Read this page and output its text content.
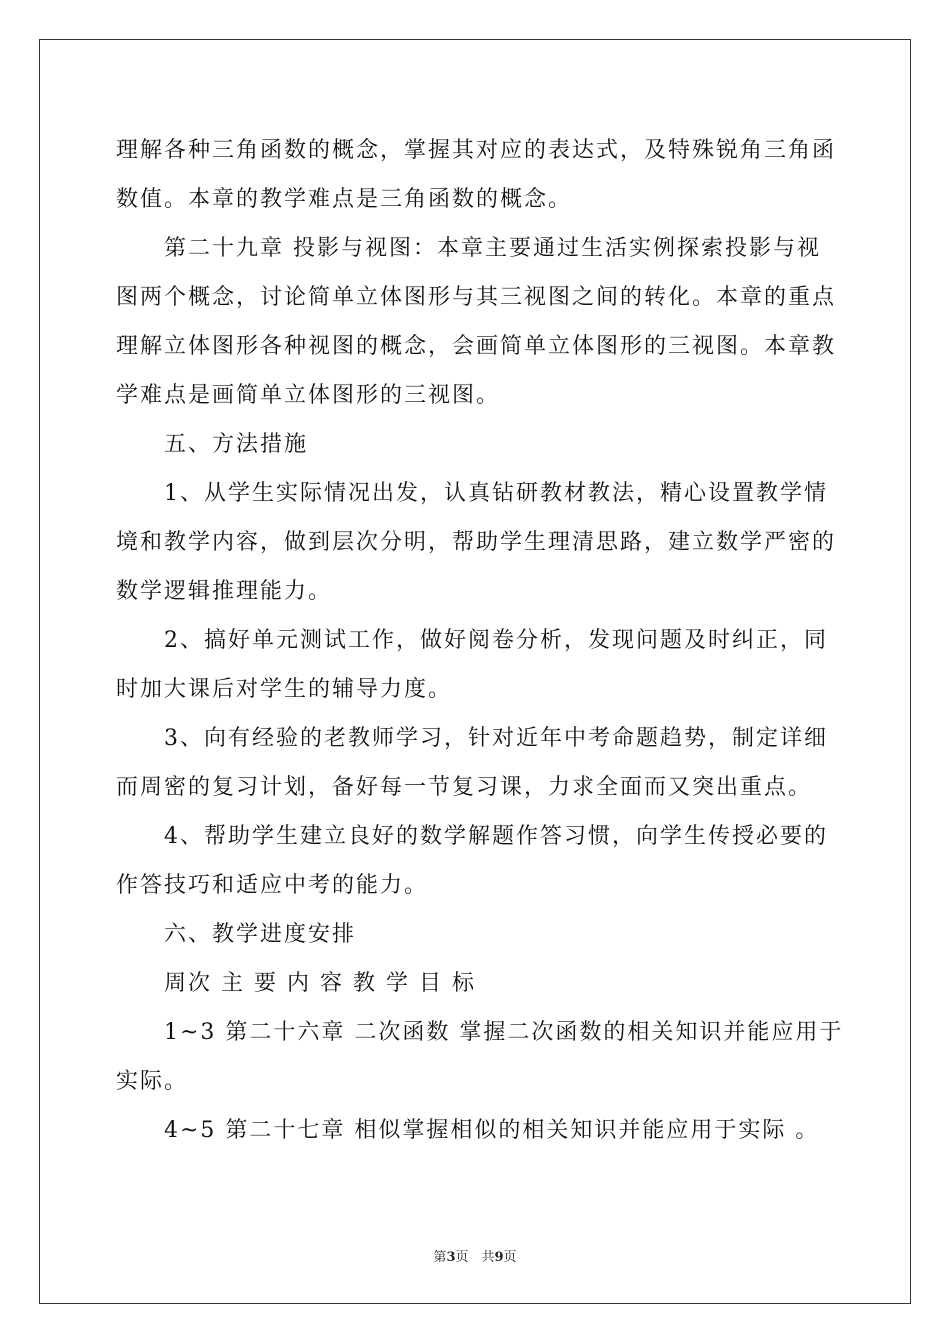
理解各种三角函数的概念，掌握其对应的表达式，及特殊锐角三角函
数值。本章的教学难点是三角函数的概念。

第二十九章 投影与视图：本章主要通过生活实例探索投影与视
图两个概念，讨论简单立体图形与其三视图之间的转化。本章的重点
理解立体图形各种视图的概念，会画简单立体图形的三视图。本章教
学难点是画简单立体图形的三视图。

五、方法措施

1、从学生实际情况出发，认真钻研教材教法，精心设置教学情
境和教学内容，做到层次分明，帮助学生理清思路，建立数学严密的
数学逻辑推理能力。

2、搞好单元测试工作，做好阅卷分析，发现问题及时纠正，同
时加大课后对学生的辅导力度。

3、向有经验的老教师学习，针对近年中考命题趋势，制定详细
而周密的复习计划，备好每一节复习课，力求全面而又突出重点。

4、帮助学生建立良好的数学解题作答习惯，向学生传授必要的
作答技巧和适应中考的能力。

六、教学进度安排

周次 主 要 内 容 教 学 目 标

1~3 第二十六章 二次函数 掌握二次函数的相关知识并能应用于
实际。

4~5 第二十七章 相似掌握相似的相关知识并能应用于实际 。

第3页　共9页
